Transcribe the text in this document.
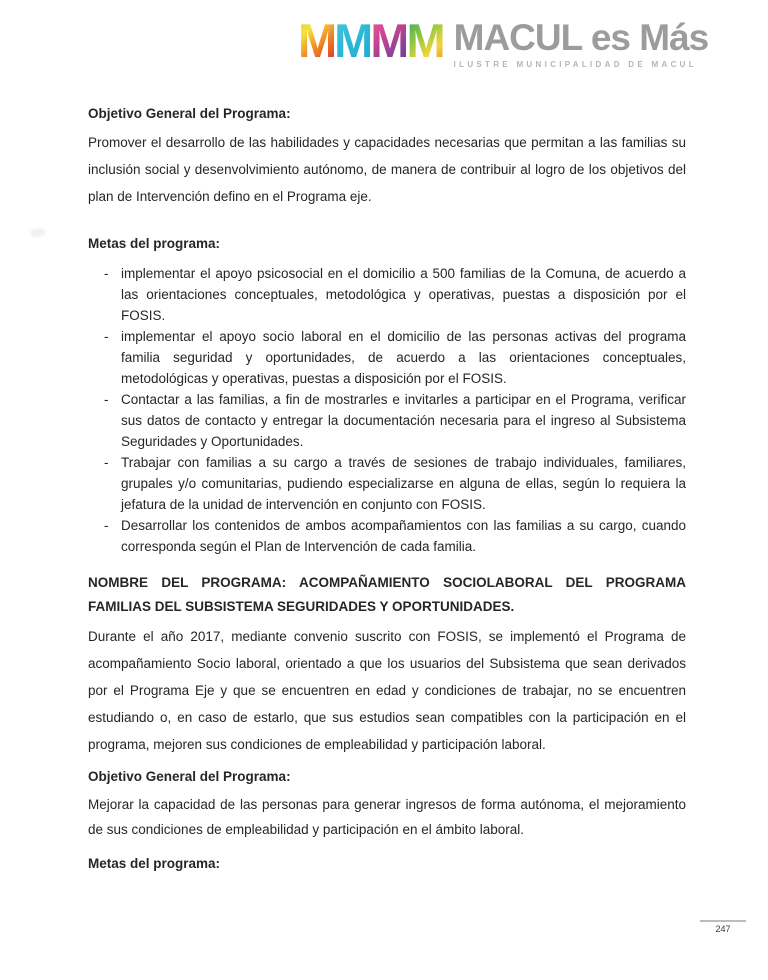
M M M M MACUL es Más
ILUSTRE MUNICIPALIDAD DE MACUL

Objetivo General del Programa:

Promover el desarrollo de las habilidades y capacidades necesarias que permitan a las familias su inclusión social y desenvolvimiento autónomo, de manera de contribuir al logro de los objetivos del plan de Intervención defino en el Programa eje.

Metas del programa:

- implementar el apoyo psicosocial en el domicilio a 500 familias de la Comuna, de acuerdo a las orientaciones conceptuales, metodológica y operativas, puestas a disposición por el FOSIS.
- implementar el apoyo socio laboral en el domicilio de las personas activas del programa familia seguridad y oportunidades, de acuerdo a las orientaciones conceptuales, metodológicas y operativas, puestas a disposición por el FOSIS.
- Contactar a las familias, a fin de mostrarles e invitarles a participar en el Programa, verificar sus datos de contacto y entregar la documentación necesaria para el ingreso al Subsistema Seguridades y Oportunidades.
- Trabajar con familias a su cargo a través de sesiones de trabajo individuales, familiares, grupales y/o comunitarias, pudiendo especializarse en alguna de ellas, según lo requiera la jefatura de la unidad de intervención en conjunto con FOSIS.
- Desarrollar los contenidos de ambos acompañamientos con las familias a su cargo, cuando corresponda según el Plan de Intervención de cada familia.

NOMBRE DEL PROGRAMA: ACOMPAÑAMIENTO SOCIOLABORAL DEL PROGRAMA FAMILIAS DEL SUBSISTEMA SEGURIDADES Y OPORTUNIDADES.

Durante el año 2017, mediante convenio suscrito con FOSIS, se implementó el Programa de acompañamiento Socio laboral, orientado a que los usuarios del Subsistema que sean derivados por el Programa Eje y que se encuentren en edad y condiciones de trabajar, no se encuentren estudiando o, en caso de estarlo, que sus estudios sean compatibles con la participación en el programa, mejoren sus condiciones de empleabilidad y participación laboral.

Objetivo General del Programa:

Mejorar la capacidad de las personas para generar ingresos de forma autónoma, el mejoramiento de sus condiciones de empleabilidad y participación en el ámbito laboral.

Metas del programa:

247
